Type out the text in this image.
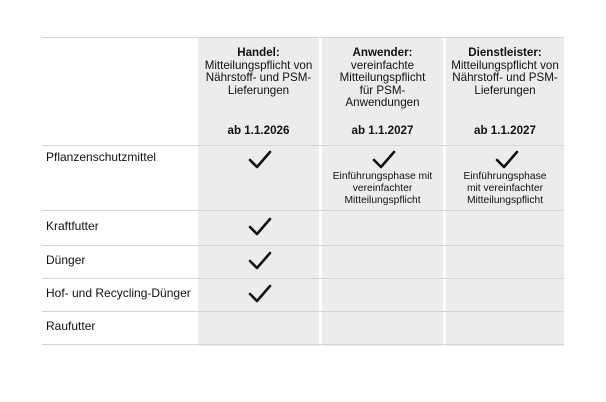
Handel:
Mitteilungspflicht von Nährstoff- und PSM-Lieferungen
Anwender:
vereinfachte Mitteilungspflicht für PSM-Anwendungen
Dienstleister:
Mitteilungspflicht von Nährstoff- und PSM-Lieferungen
ab 1.1.2026	ab 1.1.2027	ab 1.1.2027
Pflanzenschutzmittel
Kraftfutter
Dünger
Hof- und Recycling-Dünger
Raufutter
Einführungsphase mit vereinfachter Mitteilungspflicht
Einführungsphase mit vereinfachter Mitteilungspflicht
